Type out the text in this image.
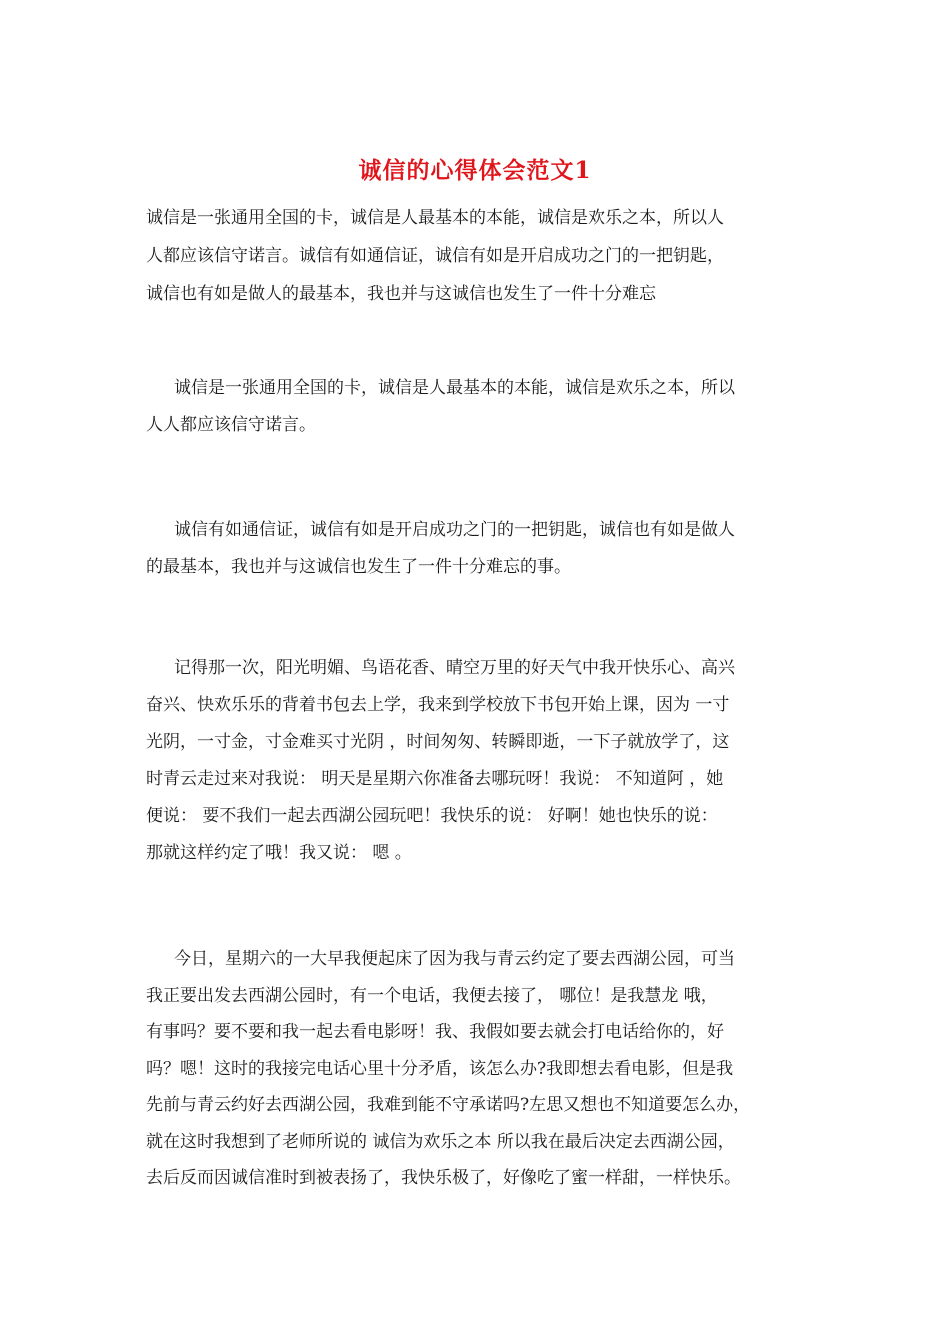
诚信的心得体会范文1
诚信是一张通用全国的卡，诚信是人最基本的本能，诚信是欢乐之本，所以人
人都应该信守诺言。诚信有如通信证，诚信有如是开启成功之门的一把钥匙，
诚信也有如是做人的最基本，我也并与这诚信也发生了一件十分难忘
诚信是一张通用全国的卡，诚信是人最基本的本能，诚信是欢乐之本，所以
人人都应该信守诺言。
诚信有如通信证，诚信有如是开启成功之门的一把钥匙，诚信也有如是做人
的最基本，我也并与这诚信也发生了一件十分难忘的事。
记得那一次，阳光明媚、鸟语花香、晴空万里的好天气中我开快乐心、高兴
奋兴、快欢乐乐的背着书包去上学，我来到学校放下书包开始上课，因为 一寸
光阴，一寸金，寸金难买寸光阴 ，时间匆匆、转瞬即逝，一下子就放学了，这
时青云走过来对我说： 明天是星期六你准备去哪玩呀！我说： 不知道阿 ，她
便说： 要不我们一起去西湖公园玩吧！我快乐的说： 好啊！她也快乐的说：
那就这样约定了哦！我又说： 嗯 。
今日，星期六的一大早我便起床了因为我与青云约定了要去西湖公园，可当
我正要出发去西湖公园时，有一个电话，我便去接了， 哪位！是我慧龙 哦，
有事吗？要不要和我一起去看电影呀！我、我假如要去就会打电话给你的，好
吗？嗯！这时的我接完电话心里十分矛盾，该怎么办?我即想去看电影，但是我
先前与青云约好去西湖公园，我难到能不守承诺吗?左思又想也不知道要怎么办，
就在这时我想到了老师所说的 诚信为欢乐之本 所以我在最后决定去西湖公园，
去后反而因诚信准时到被表扬了，我快乐极了，好像吃了蜜一样甜，一样快乐。
